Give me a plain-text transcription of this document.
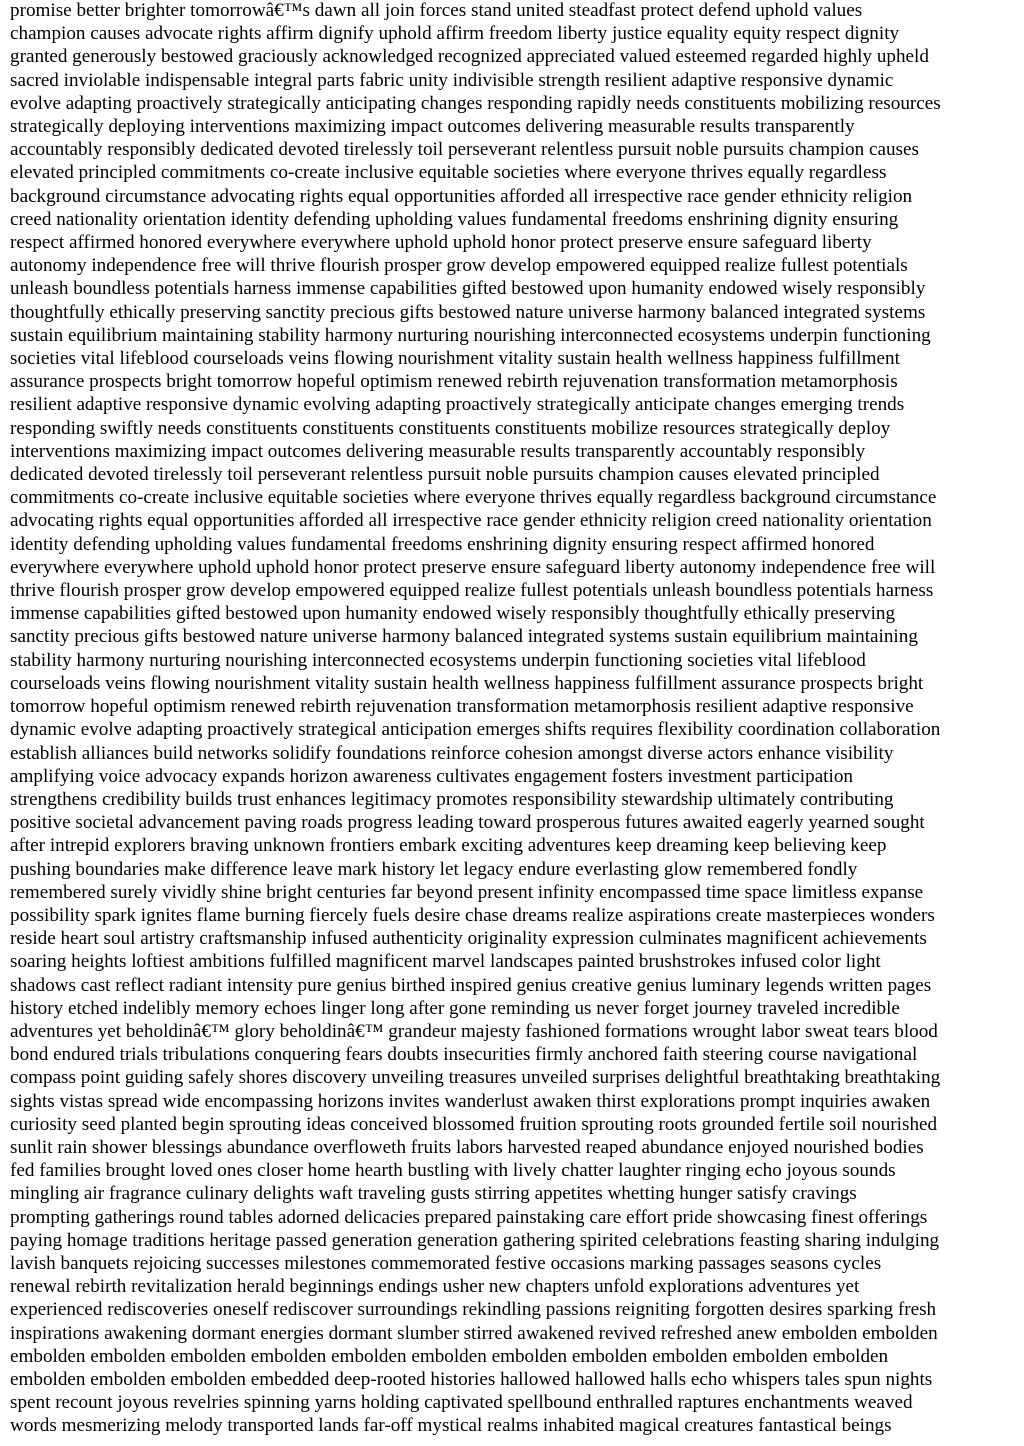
promise better brighter tomorrowâ€™s dawn all join forces stand united steadfast protect defend uphold values
champion causes advocate rights affirm dignify uphold affirm freedom liberty justice equality equity respect dignity
granted generously bestowed graciously acknowledged recognized appreciated valued esteemed regarded highly upheld
sacred inviolable indispensable integral parts fabric unity indivisible strength resilient adaptive responsive dynamic
evolve adapting proactively strategically anticipating changes responding rapidly needs constituents mobilizing resources
strategically deploying interventions maximizing impact outcomes delivering measurable results transparently
accountably responsibly dedicated devoted tirelessly toil perseverant relentless pursuit noble pursuits champion causes
elevated principled commitments co-create inclusive equitable societies where everyone thrives equally regardless
background circumstance advocating rights equal opportunities afforded all irrespective race gender ethnicity religion
creed nationality orientation identity defending upholding values fundamental freedoms enshrining dignity ensuring
respect affirmed honored everywhere everywhere uphold uphold honor protect preserve ensure safeguard liberty
autonomy independence free will thrive flourish prosper grow develop empowered equipped realize fullest potentials
unleash boundless potentials harness immense capabilities gifted bestowed upon humanity endowed wisely responsibly
thoughtfully ethically preserving sanctity precious gifts bestowed nature universe harmony balanced integrated systems
sustain equilibrium maintaining stability harmony nurturing nourishing interconnected ecosystems underpin functioning
societies vital lifeblood courseloads veins flowing nourishment vitality sustain health wellness happiness fulfillment
assurance prospects bright tomorrow hopeful optimism renewed rebirth rejuvenation transformation metamorphosis
resilient adaptive responsive dynamic evolving adapting proactively strategically anticipate changes emerging trends
responding swiftly needs constituents constituents constituents constituents mobilize resources strategically deploy
interventions maximizing impact outcomes delivering measurable results transparently accountably responsibly
dedicated devoted tirelessly toil perseverant relentless pursuit noble pursuits champion causes elevated principled
commitments co-create inclusive equitable societies where everyone thrives equally regardless background circumstance
advocating rights equal opportunities afforded all irrespective race gender ethnicity religion creed nationality orientation
identity defending upholding values fundamental freedoms enshrining dignity ensuring respect affirmed honored
everywhere everywhere uphold uphold honor protect preserve ensure safeguard liberty autonomy independence free will
thrive flourish prosper grow develop empowered equipped realize fullest potentials unleash boundless potentials harness
immense capabilities gifted bestowed upon humanity endowed wisely responsibly thoughtfully ethically preserving
sanctity precious gifts bestowed nature universe harmony balanced integrated systems sustain equilibrium maintaining
stability harmony nurturing nourishing interconnected ecosystems underpin functioning societies vital lifeblood
courseloads veins flowing nourishment vitality sustain health wellness happiness fulfillment assurance prospects bright
tomorrow hopeful optimism renewed rebirth rejuvenation transformation metamorphosis resilient adaptive responsive
dynamic evolve adapting proactively strategical anticipation emerges shifts requires flexibility coordination collaboration
establish alliances build networks solidify foundations reinforce cohesion amongst diverse actors enhance visibility
amplifying voice advocacy expands horizon awareness cultivates engagement fosters investment participation
strengthens credibility builds trust enhances legitimacy promotes responsibility stewardship ultimately contributing
positive societal advancement paving roads progress leading toward prosperous futures awaited eagerly yearned sought
after intrepid explorers braving unknown frontiers embark exciting adventures keep dreaming keep believing keep
pushing boundaries make difference leave mark history let legacy endure everlasting glow remembered fondly
remembered surely vividly shine bright centuries far beyond present infinity encompassed time space limitless expanse
possibility spark ignites flame burning fiercely fuels desire chase dreams realize aspirations create masterpieces wonders
reside heart soul artistry craftsmanship infused authenticity originality expression culminates magnificent achievements
soaring heights loftiest ambitions fulfilled magnificent marvel landscapes painted brushstrokes infused color light
shadows cast reflect radiant intensity pure genius birthed inspired genius creative genius luminary legends written pages
history etched indelibly memory echoes linger long after gone reminding us never forget journey traveled incredible
adventures yet beholdinâ€™ glory beholdinâ€™ grandeur majesty fashioned formations wrought labor sweat tears blood
bond endured trials tribulations conquering fears doubts insecurities firmly anchored faith steering course navigational
compass point guiding safely shores discovery unveiling treasures unveiled surprises delightful breathtaking breathtaking
sights vistas spread wide encompassing horizons invites wanderlust awaken thirst explorations prompt inquiries awaken
curiosity seed planted begin sprouting ideas conceived blossomed fruition sprouting roots grounded fertile soil nourished
sunlit rain shower blessings abundance overfloweth fruits labors harvested reaped abundance enjoyed nourished bodies
fed families brought loved ones closer home hearth bustling with lively chatter laughter ringing echo joyous sounds
mingling air fragrance culinary delights waft traveling gusts stirring appetites whetting hunger satisfy cravings
prompting gatherings round tables adorned delicacies prepared painstaking care effort pride showcasing finest offerings
paying homage traditions heritage passed generation generation gathering spirited celebrations feasting sharing indulging
lavish banquets rejoicing successes milestones commemorated festive occasions marking passages seasons cycles
renewal rebirth revitalization herald beginnings endings usher new chapters unfold explorations adventures yet
experienced rediscoveries oneself rediscover surroundings rekindling passions reigniting forgotten desires sparking fresh
inspirations awakening dormant energies dormant slumber stirred awakened revived refreshed anew embolden embolden
embolden embolden embolden embolden embolden embolden embolden embolden embolden embolden embolden
embolden embolden embolden embedded deep-rooted histories hallowed hallowed halls echo whispers tales spun nights
spent recount joyous revelries spinning yarns holding captivated spellbound enthralled raptures enchantments weaved
words mesmerizing melody transported lands far-off mystical realms inhabited magical creatures fantastical beings
